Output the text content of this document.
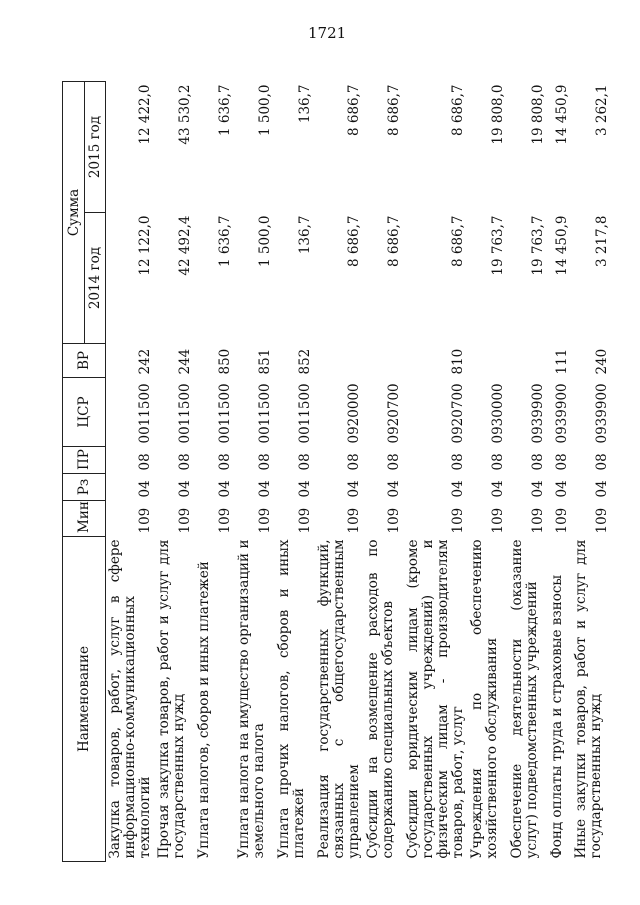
1721
Наименование	Мин	Рз	ПР	ЦСР	ВР	Сумма	
						2014 год	2015 год
Закупка товаров, работ, услуг в сфере информационно-коммуникационных технологий	109	04	08	0011500	242	12 122,0	12 422,0
Прочая закупка товаров, работ и услуг для государственных нужд	109	04	08	0011500	244	42 492,4	43 530,2
Уплата налогов, сборов и иных платежей	109	04	08	0011500	850	1 636,7	1 636,7
Уплата налога на имущество организаций и земельного налога	109	04	08	0011500	851	1 500,0	1 500,0
Уплата прочих налогов, сборов и иных платежей	109	04	08	0011500	852	136,7	136,7
Реализация государственных функций, связанных с общегосударственным управлением	109	04	08	0920000		8 686,7	8 686,7
Субсидии на возмещение расходов по содержанию специальных объектов	109	04	08	0920700		8 686,7	8 686,7
Субсидии юридическим лицам (кроме государственных учреждений) и физическим лицам - производителям товаров, работ, услуг	109	04	08	0920700	810	8 686,7	8 686,7
Учреждения по обеспечению хозяйственного обслуживания	109	04	08	0930000		19 763,7	19 808,0
Обеспечение деятельности (оказание услуг) подведомственных учреждений	109	04	08	0939900		19 763,7	19 808,0
Фонд оплаты труда и страховые взносы	109	04	08	0939900	111	14 450,9	14 450,9
Иные закупки товаров, работ и услуг для государственных нужд	109	04	08	0939900	240	3 217,8	3 262,1
